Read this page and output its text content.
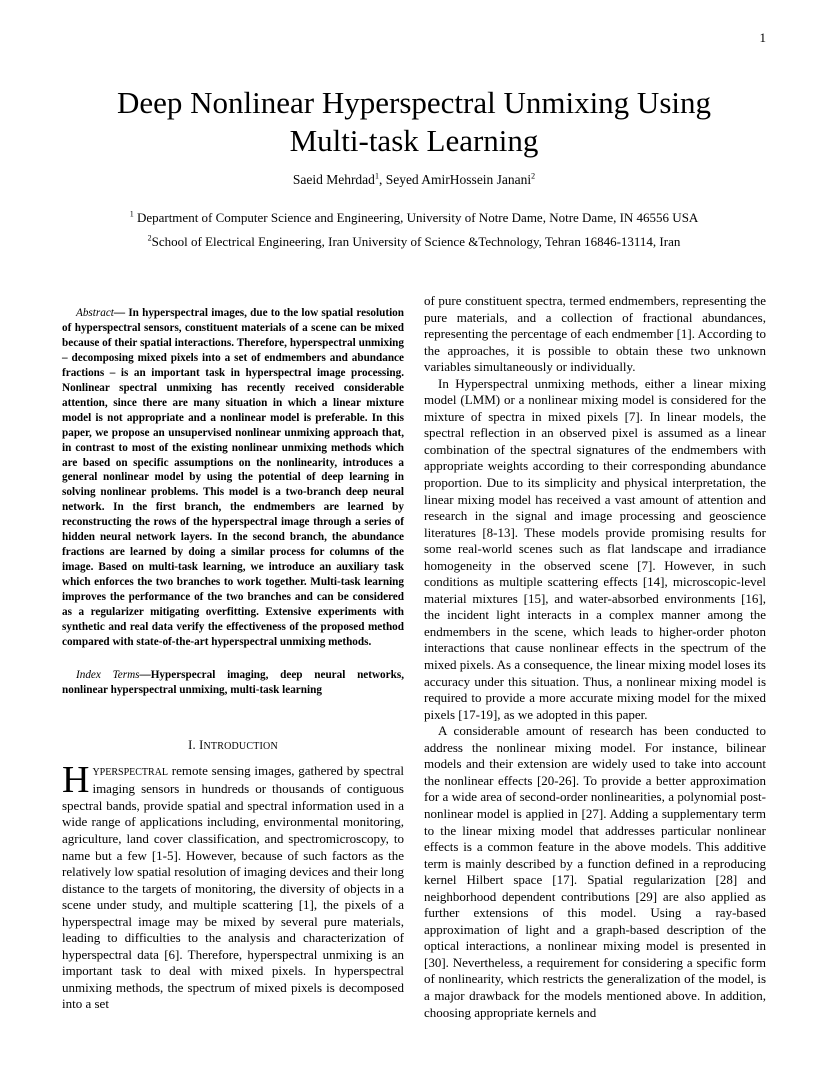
1
Deep Nonlinear Hyperspectral Unmixing Using
Multi-task Learning
Saeid Mehrdad$^1$, Seyed AmirHossein Janani$^2$
$^1$ Department of Computer Science and Engineering, University of Notre Dame, Notre Dame, IN 46556 USA
$^2$School of Electrical Engineering, Iran University of Science &Technology, Tehran 16846-13114, Iran

Abstract— In hyperspectral images, due to the low spatial resolution of hyperspectral sensors, constituent materials of a scene can be mixed because of their spatial interactions. Therefore, hyperspectral unmixing – decomposing mixed pixels into a set of endmembers and abundance fractions – is an important task in hyperspectral image processing. Nonlinear spectral unmixing has recently received considerable attention, since there are many situation in which a linear mixture model is not appropriate and a nonlinear model is preferable. In this paper, we propose an unsupervised nonlinear unmixing approach that, in contrast to most of the existing nonlinear unmixing methods which are based on specific assumptions on the nonlinearity, introduces a general nonlinear model by using the potential of deep learning in solving nonlinear problems. This model is a two-branch deep neural network. In the first branch, the endmembers are learned by reconstructing the rows of the hyperspectral image through a series of hidden neural network layers. In the second branch, the abundance fractions are learned by doing a similar process for columns of the image. Based on multi-task learning, we introduce an auxiliary task which enforces the two branches to work together. Multi-task learning improves the performance of the two branches and can be considered as a regularizer mitigating overfitting. Extensive experiments with synthetic and real data verify the effectiveness of the proposed method compared with state-of-the-art hyperspectral unmixing methods.

Index Terms—Hyperspecral imaging, deep neural networks, nonlinear hyperspectral unmixing, multi-task learning

I. INTRODUCTION

HYPERSPECTRAL remote sensing images, gathered by spectral imaging sensors in hundreds or thousands of contiguous spectral bands, provide spatial and spectral information used in a wide range of applications including, environmental monitoring, agriculture, land cover classification, and spectromicroscopy, to name but a few [1-5]. However, because of such factors as the relatively low spatial resolution of imaging devices and their long distance to the targets of monitoring, the diversity of objects in a scene under study, and multiple scattering [1], the pixels of a hyperspectral image may be mixed by several pure materials, leading to difficulties to the analysis and characterization of hyperspectral data [6]. Therefore, hyperspectral unmixing is an important task to deal with mixed pixels. In hyperspectral unmixing methods, the spectrum of mixed pixels is decomposed into a set

of pure constituent spectra, termed endmembers, representing the pure materials, and a collection of fractional abundances, representing the percentage of each endmember [1]. According to the approaches, it is possible to obtain these two unknown variables simultaneously or individually.

In Hyperspectral unmixing methods, either a linear mixing model (LMM) or a nonlinear mixing model is considered for the mixture of spectra in mixed pixels [7]. In linear models, the spectral reflection in an observed pixel is assumed as a linear combination of the spectral signatures of the endmembers with appropriate weights according to their corresponding abundance proportion. Due to its simplicity and physical interpretation, the linear mixing model has received a vast amount of attention and research in the signal and image processing and geoscience literatures [8-13]. These models provide promising results for some real-world scenes such as flat landscape and irradiance homogeneity in the observed scene [7]. However, in such conditions as multiple scattering effects [14], microscopic-level material mixtures [15], and water-absorbed environments [16], the incident light interacts in a complex manner among the endmembers in the scene, which leads to higher-order photon interactions that cause nonlinear effects in the spectrum of the mixed pixels. As a consequence, the linear mixing model loses its accuracy under this situation. Thus, a nonlinear mixing model is required to provide a more accurate mixing model for the mixed pixels [17-19], as we adopted in this paper.

A considerable amount of research has been conducted to address the nonlinear mixing model. For instance, bilinear models and their extension are widely used to take into account the nonlinear effects [20-26]. To provide a better approximation for a wide area of second-order nonlinearities, a polynomial post-nonlinear model is applied in [27]. Adding a supplementary term to the linear mixing model that addresses particular nonlinear effects is a common feature in the above models. This additive term is mainly described by a function defined in a reproducing kernel Hilbert space [17]. Spatial regularization [28] and neighborhood dependent contributions [29] are also applied as further extensions of this model. Using a ray-based approximation of light and a graph-based description of the optical interactions, a nonlinear mixing model is presented in [30]. Nevertheless, a requirement for considering a specific form of nonlinearity, which restricts the generalization of the model, is a major drawback for the models mentioned above. In addition, choosing appropriate kernels and
